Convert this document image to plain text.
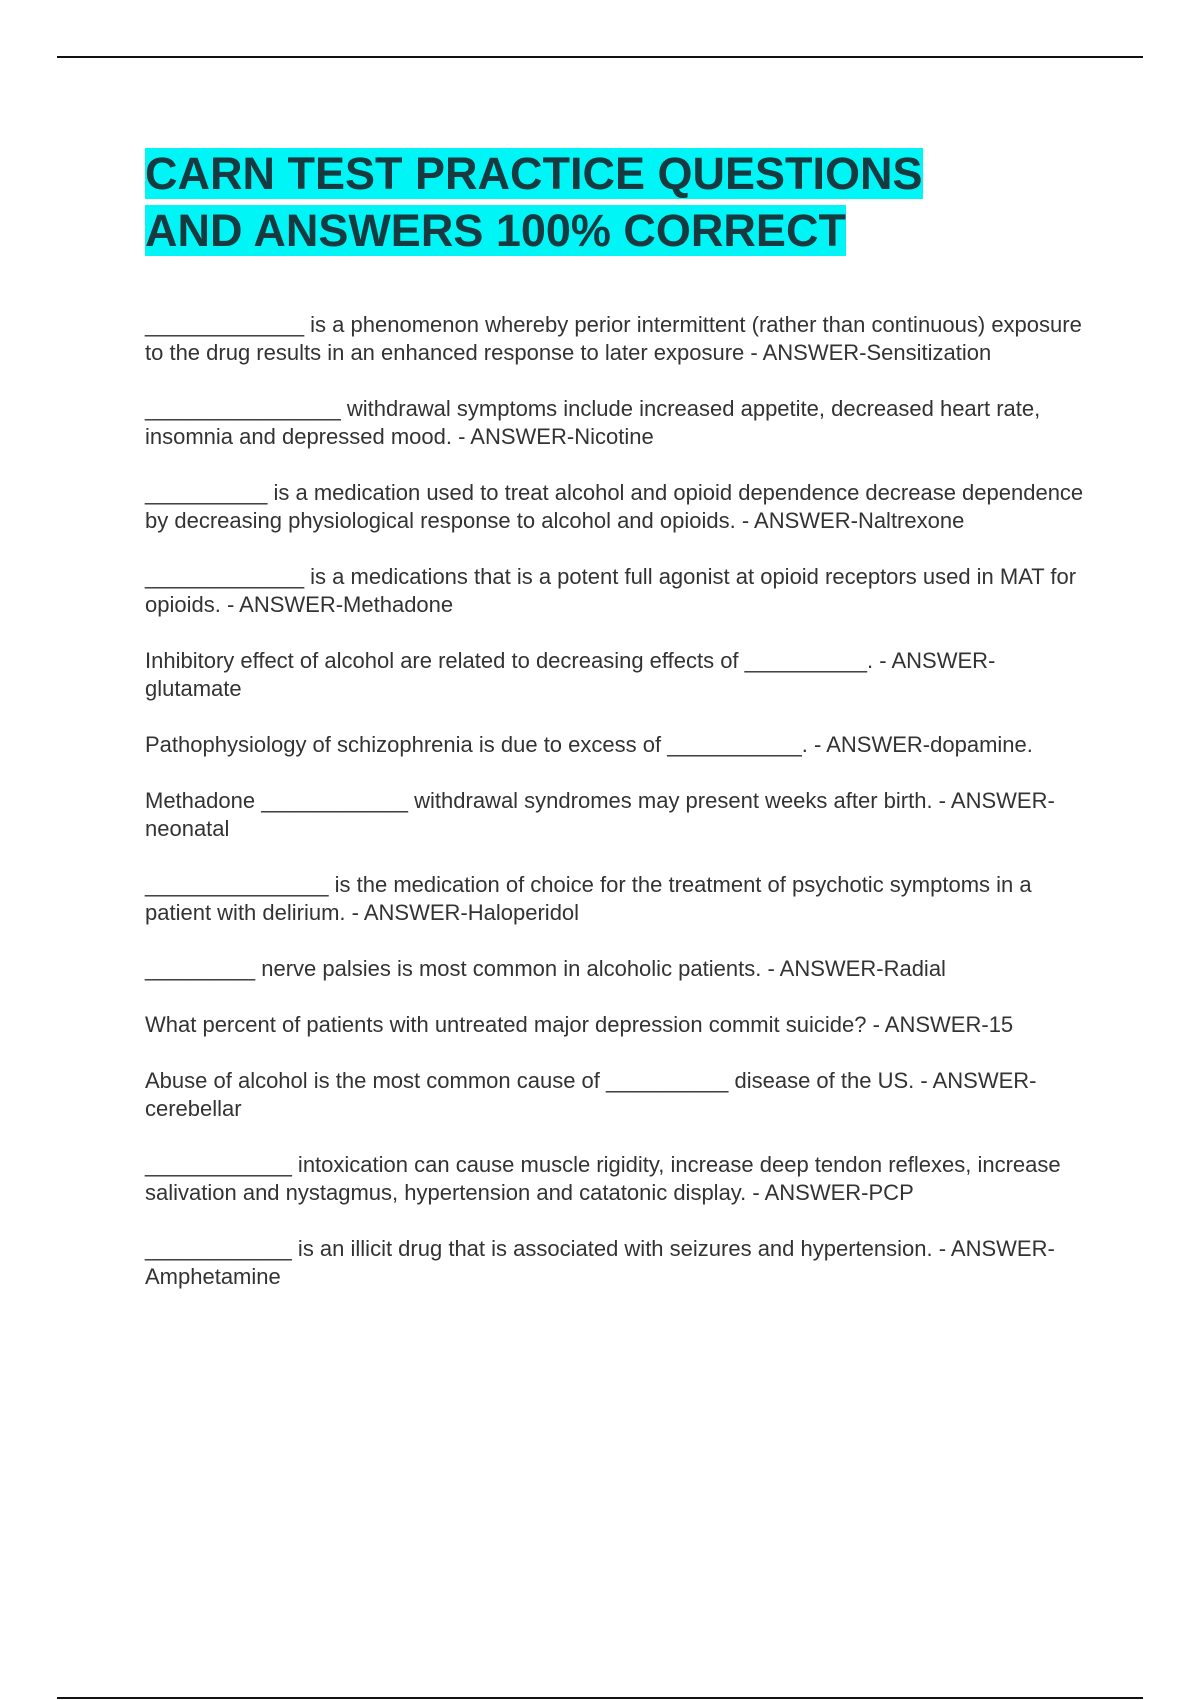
CARN TEST PRACTICE QUESTIONS
AND ANSWERS 100% CORRECT

_____________ is a phenomenon whereby perior intermittent (rather than continuous) exposure to the drug results in an enhanced response to later exposure - ANSWER-Sensitization

________________ withdrawal symptoms include increased appetite, decreased heart rate, insomnia and depressed mood. - ANSWER-Nicotine

__________ is a medication used to treat alcohol and opioid dependence decrease dependence by decreasing physiological response to alcohol and opioids. - ANSWER-Naltrexone

_____________ is a medications that is a potent full agonist at opioid receptors used in MAT for opioids. - ANSWER-Methadone

Inhibitory effect of alcohol are related to decreasing effects of __________. - ANSWER-glutamate

Pathophysiology of schizophrenia is due to excess of ___________. - ANSWER-dopamine.

Methadone ____________ withdrawal syndromes may present weeks after birth. - ANSWER-neonatal

_______________ is the medication of choice for the treatment of psychotic symptoms in a patient with delirium. - ANSWER-Haloperidol

_________ nerve palsies is most common in alcoholic patients. - ANSWER-Radial

What percent of patients with untreated major depression commit suicide? - ANSWER-15

Abuse of alcohol is the most common cause of __________ disease of the US. - ANSWER-cerebellar

____________ intoxication can cause muscle rigidity, increase deep tendon reflexes, increase salivation and nystagmus, hypertension and catatonic display. - ANSWER-PCP

____________ is an illicit drug that is associated with seizures and hypertension. - ANSWER-Amphetamine
